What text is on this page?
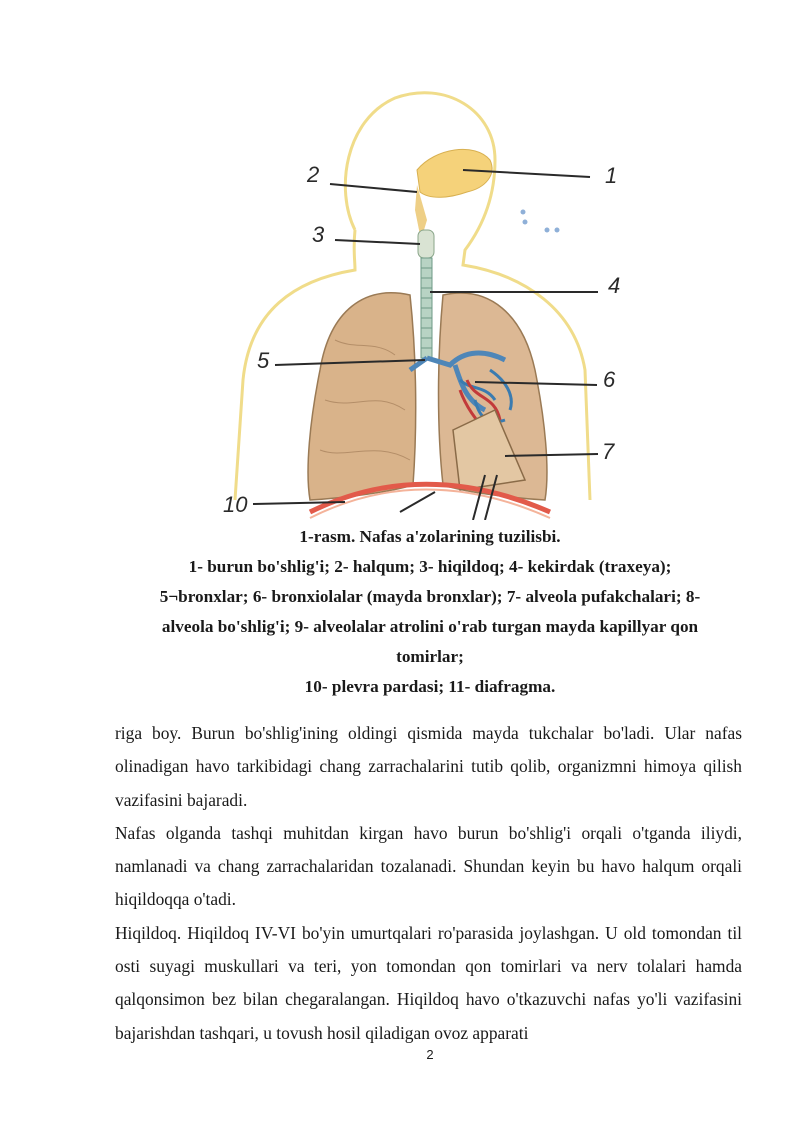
1
2
3
4
5
6
7
10
1-rasm. Nafas a'zolarining tuzilisbi.
1- burun bo'shlig'i; 2- halqum; 3- hiqildoq; 4- kekirdak (traxeya);
5¬bronxlar; 6- bronxiolalar (mayda bronxlar); 7- alveola pufakchalari; 8-
alveola bo'shlig'i; 9- alveolalar atrolini o'rab turgan mayda kapillyar qon
tomirlar;
10- plevra pardasi; 11- diafragma.

riga boy. Burun bo'shlig'ining oldingi qismida mayda tukchalar bo'ladi. Ular nafas olinadigan havo tarkibidagi chang zarrachalarini tutib qolib, organizmni himoya qilish vazifasini bajaradi.

Nafas olganda tashqi muhitdan kirgan havo burun bo'shlig'i orqali o'tganda iliydi, namlanadi va chang zarrachalaridan tozalanadi. Shundan keyin bu havo halqum orqali hiqildoqqa o'tadi.

Hiqildoq. Hiqildoq IV-VI bo'yin umurtqalari ro'parasida joylashgan. U old tomondan til osti suyagi muskullari va teri, yon tomondan qon tomirlari va nerv tolalari hamda qalqonsimon bez bilan chegaralangan. Hiqildoq havo o'tkazuvchi nafas yo'li vazifasini bajarishdan tashqari, u tovush hosil qiladigan ovoz apparati

2
